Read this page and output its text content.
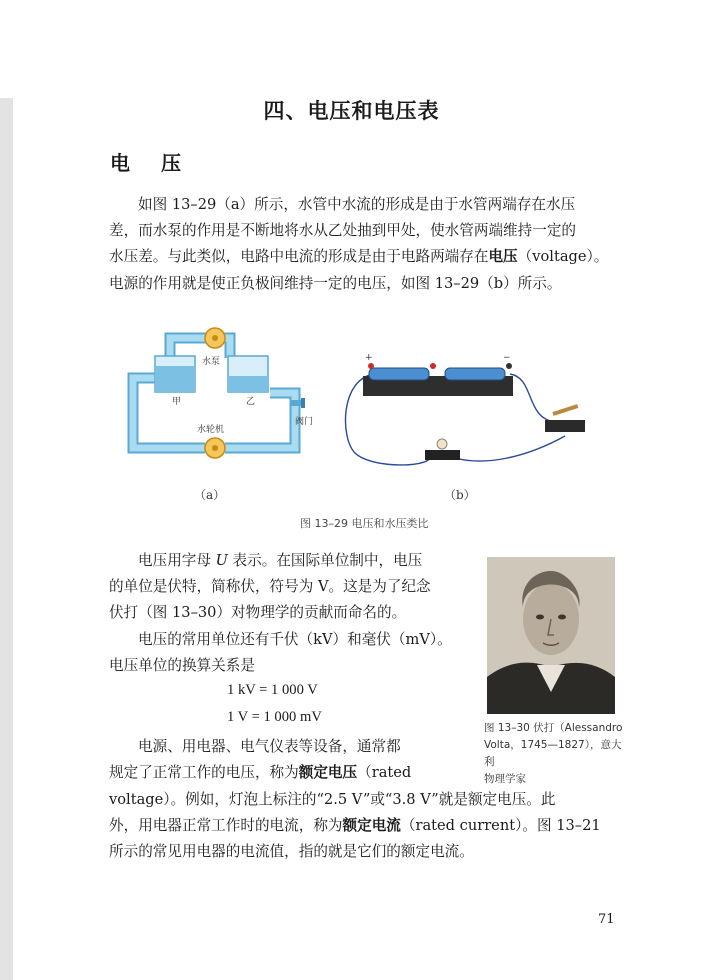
四、电压和电压表
电 压
如图 13–29（a）所示，水管中水流的形成是由于水管两端存在水压
差，而水泵的作用是不断地将水从乙处抽到甲处，使水管两端维持一定的
水压差。与此类似，电路中电流的形成是由于电路两端存在电压（voltage）。
电源的作用就是使正负极间维持一定的电压，如图 13–29（b）所示。
水泵
甲	乙
水轮机
阀门
+	−
（a）	（b）
图 13–29 电压和水压类比
电压用字母 U 表示。在国际单位制中，电压
的单位是伏特，简称伏，符号为 V。这是为了纪念
伏打（图 13–30）对物理学的贡献而命名的。
电压的常用单位还有千伏（kV）和毫伏（mV）。
电压单位的换算关系是
1 kV = 1 000 V
1 V = 1 000 mV
电源、用电器、电气仪表等设备，通常都
规定了正常工作的电压，称为额定电压（rated
voltage）。例如，灯泡上标注的“2.5 V”或“3.8 V”就是额定电压。此
外，用电器正常工作时的电流，称为额定电流（rated current）。图 13–21
所示的常见用电器的电流值，指的就是它们的额定电流。
图 13–30 伏打（Alessandro
Volta，1745—1827），意大利
物理学家
71
